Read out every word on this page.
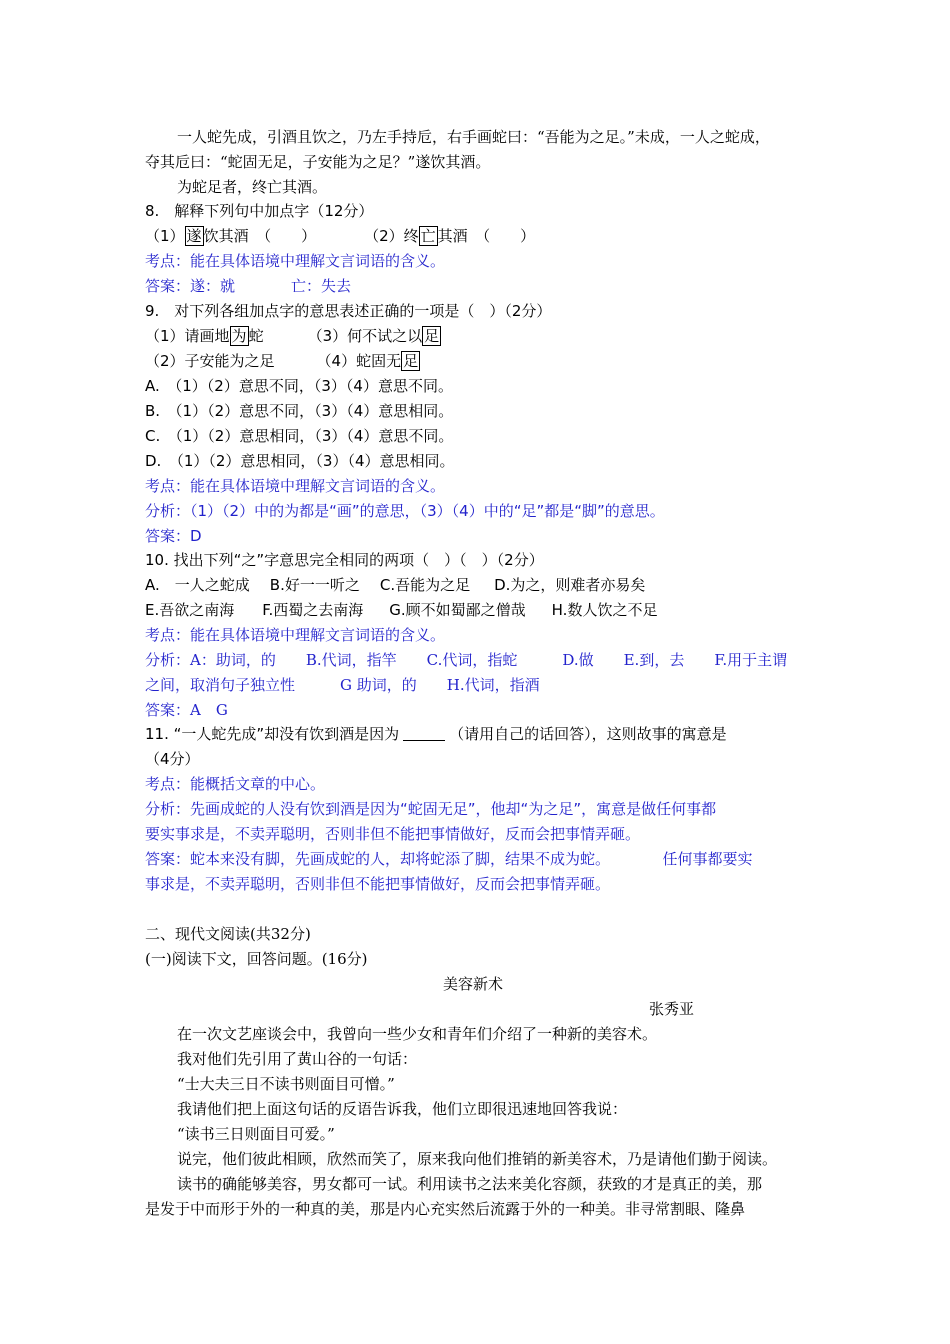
一人蛇先成，引酒且饮之，乃左手持卮，右手画蛇曰：“吾能为之足。”未成，一人之蛇成，
夺其卮曰：“蛇固无足，子安能为之足？”遂饮其酒。
为蛇足者，终亡其酒。
8.　解释下列句中加点字（12分）
（1） 遂 饮其酒　（　　）	（2）终 亡 其酒　（　　）
考点：能在具体语境中理解文言词语的含义。
答案：遂：就	亡：失去
9.　对下列各组加点字的意思表述正确的一项是（　）（2分）
（1）请画地 为 蛇	（3）何不试之以 足
（2）子安能为之足	（4）蛇固无 足
A.　（1）（2）意思不同，（3）（4）意思不同。
B.　（1）（2）意思不同，（3）（4）意思相同。
C.　（1）（2）意思相同，（3）（4）意思不同。
D.　（1）（2）意思相同，（3）（4）意思相同。
考点：能在具体语境中理解文言词语的含义。
分析：（1）（2）中的为都是“画”的意思，（3）（4）中的“足”都是“脚”的意思。
答案：D
10. 找出下列“之”字意思完全相同的两项（　）（　）（2分）
A.　一人之蛇成 B.好一一听之 C.吾能为之足 D.为之，则难者亦易矣
E.吾欲之南海 F.西蜀之去南海 G.顾不如蜀鄙之僧哉 H.数人饮之不足
考点：能在具体语境中理解文言词语的含义。
分析：A：助词，的　　B.代词，指竿　　C.代词，指蛇　　　D.做　　E.到，去　　F.用于主谓
之间，取消句子独立性　　　G 助词，的　　H.代词，指酒
答案：A　G
11. “一人蛇先成”却没有饮到酒是因为	（请用自己的话回答），这则故事的寓意是
（4分）
考点：能概括文章的中心。
分析：先画成蛇的人没有饮到酒是因为“蛇固无足”，他却“为之足”，寓意是做任何事都
要实事求是，不卖弄聪明，否则非但不能把事情做好，反而会把事情弄砸。
答案：蛇本来没有脚，先画成蛇的人，却将蛇添了脚，结果不成为蛇。　　　　任何事都要实
事求是，不卖弄聪明，否则非但不能把事情做好，反而会把事情弄砸。
二、现代文阅读(共32分)
(一)阅读下文，回答问题。(16分)
美容新术
张秀亚
在一次文艺座谈会中，我曾向一些少女和青年们介绍了一种新的美容术。
我对他们先引用了黄山谷的一句话：
“士大夫三日不读书则面目可憎。”
我请他们把上面这句话的反语告诉我，他们立即很迅速地回答我说：
“读书三日则面目可爱。”
说完，他们彼此相顾，欣然而笑了，原来我向他们推销的新美容术，乃是请他们勤于阅读。
读书的确能够美容，男女都可一试。利用读书之法来美化容颜，获致的才是真正的美，那
是发于中而形于外的一种真的美，那是内心充实然后流露于外的一种美。非寻常割眼、隆鼻
